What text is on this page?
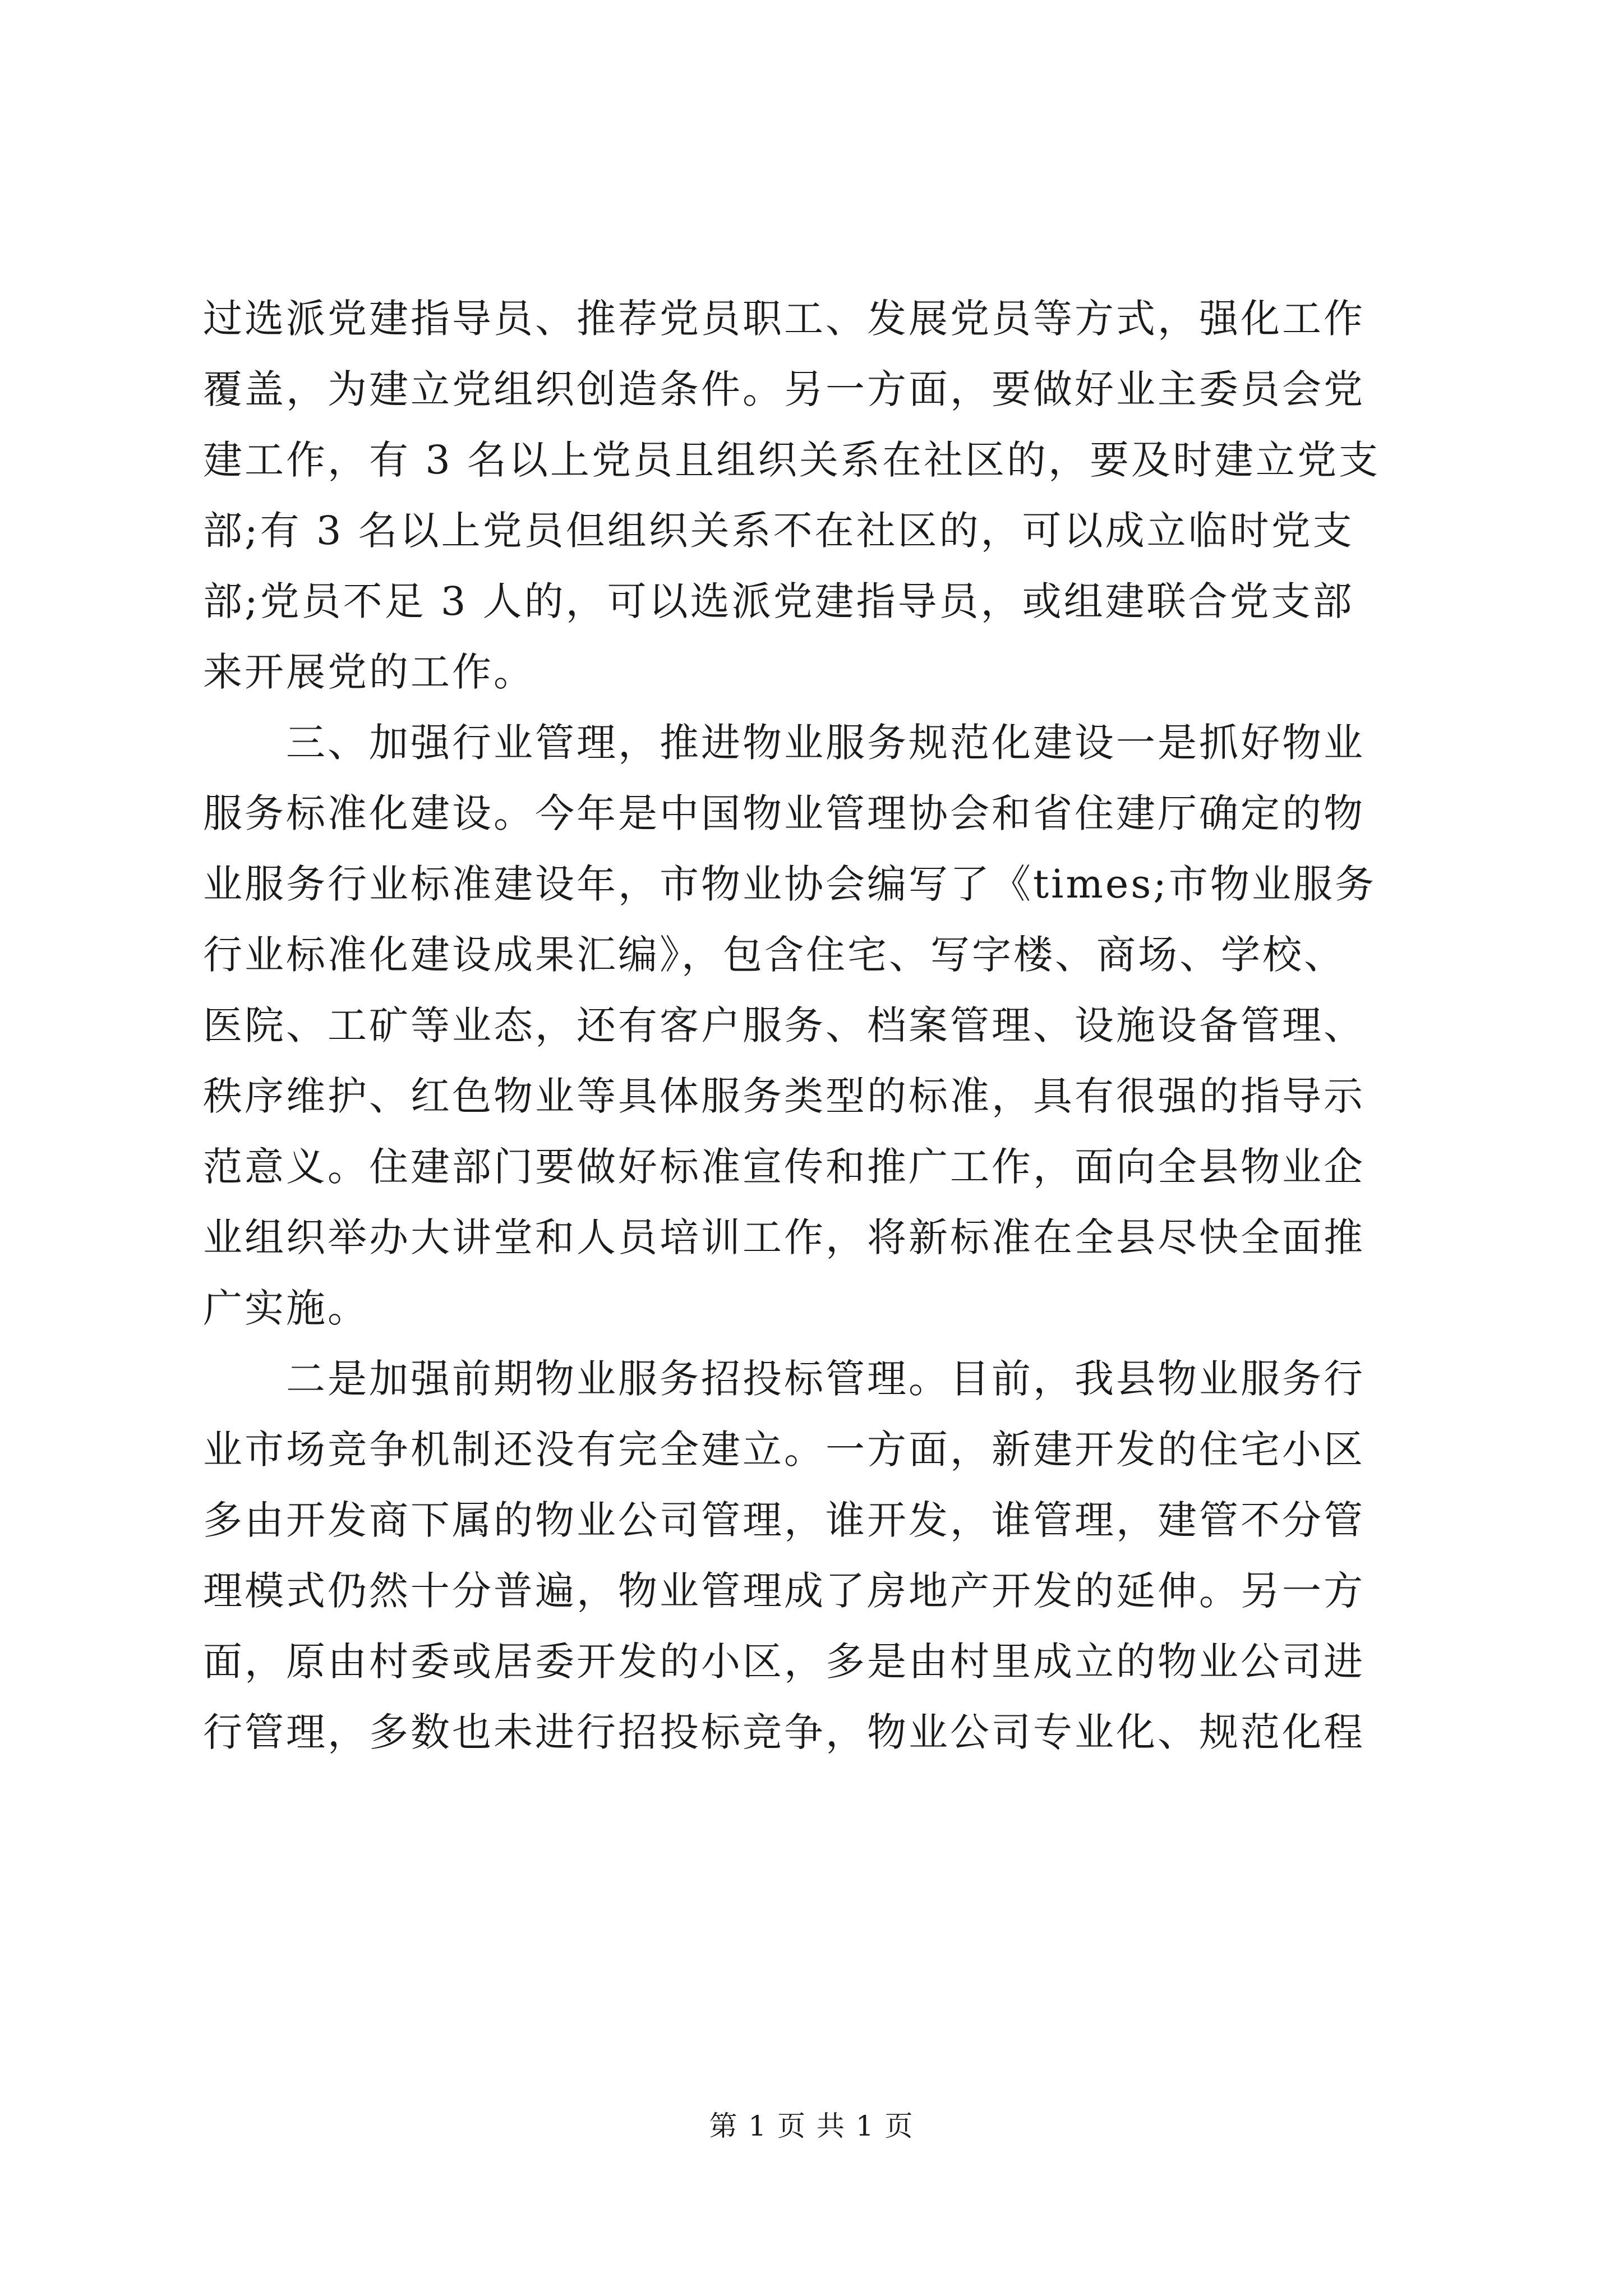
过选派党建指导员、推荐党员职工、发展党员等方式，强化工作
覆盖，为建立党组织创造条件。另一方面，要做好业主委员会党
建工作，有 3 名以上党员且组织关系在社区的，要及时建立党支
部;有 3 名以上党员但组织关系不在社区的，可以成立临时党支
部;党员不足 3 人的，可以选派党建指导员，或组建联合党支部
来开展党的工作。

三、加强行业管理，推进物业服务规范化建设一是抓好物业
服务标准化建设。今年是中国物业管理协会和省住建厅确定的物
业服务行业标准建设年，市物业协会编写了《times;市物业服务
行业标准化建设成果汇编》，包含住宅、写字楼、商场、学校、
医院、工矿等业态，还有客户服务、档案管理、设施设备管理、
秩序维护、红色物业等具体服务类型的标准，具有很强的指导示
范意义。住建部门要做好标准宣传和推广工作，面向全县物业企
业组织举办大讲堂和人员培训工作，将新标准在全县尽快全面推
广实施。

二是加强前期物业服务招投标管理。目前，我县物业服务行
业市场竞争机制还没有完全建立。一方面，新建开发的住宅小区
多由开发商下属的物业公司管理，谁开发，谁管理，建管不分管
理模式仍然十分普遍，物业管理成了房地产开发的延伸。另一方
面，原由村委或居委开发的小区，多是由村里成立的物业公司进
行管理，多数也未进行招投标竞争，物业公司专业化、规范化程

第 1 页 共 1 页
